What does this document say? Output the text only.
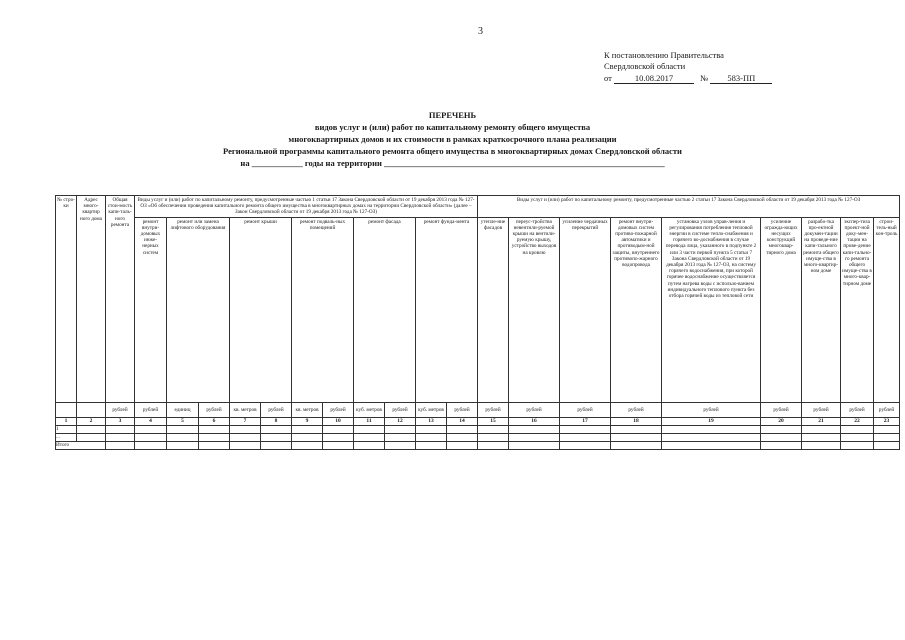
3
К постановлению Правительства
Свердловской области
от	10.08.2017	№ 583-ПП
ПЕРЕЧЕНЬ
видов услуг и (или) работ по капитальному ремонту общего имущества
многоквартирных домов и их стоимости в рамках краткосрочного плана реализации
Региональной программы капитального ремонта общего имущества в многоквартирных домах Свердловской области
на ____________ годы на территории __________________________________________________________________
№ стро-ки	Адрес много-квартир ного дома	Общая стои-мость капи-таль-ного ремонта	Виды услуг и (или) работ по капитальному ремонту, предусмотренные частью 1 статьи 17 Закона Свердловской области от 19 декабря 2013 года № 127-ОЗ «Об обеспечении проведения капитального ремонта общего имущества в многоквартирных домах на территории Свердловской области» (далее – Закон Свердловской области от 19 декабря 2013 года № 127-ОЗ)											Виды услуг и (или) работ по капитальному ремонту, предусмотренные частью 2 статьи 17 Закона Свердловской области от 19 декабря 2013 года № 127-ОЗ								
			ремонт внутри-домовых инже-нерных систем	ремонт или замена лифтового оборудования		ремонт крыши		ремонт подваль-ных помещений		ремонт фасада		ремонт фунда-мента		утепле-ние фасадов	переус-тройство невентили-руемой крыши на вентили-руемую крышу, устройство выходов на кровлю	усиление чердачных перекрытий	ремонт внутри-домовых систем противо-пожарной автоматики и противодым-ной защиты, внутреннего противопо-жарного водопровода	установка узлов управ-ления и регулирования потребления тепловой энергии в системе тепло-снабжения и горячего во-доснабжения в случае перевода лица, указанного в подпункте 2 или 3 части первой пункта 5 статьи 7 Закона Свердловской области от 19 декабря 2013 года № 127-ОЗ, на систему горячего водоснабжения, при которой горячее водоснабжение осуществляется путем нагрева воды с использо-ванием индивидуального теплового пункта без отбора горячей воды из тепловой сети	усиление огражда-ющих несущих конструкций многоквар-тирного дома	разрабо-тка про-ектной докумен-тации на проведе-ние капи-тального ремонта общего имуще-ства в много-квартир-ном доме	экспер-тиза проект-ной доку-мен-тации на прове-дение капи-тально-го ремонта общего имуще-ства в много-квар-тирном доме	строи-тель-ный кон-троль
		рублей	рублей	единиц	рублей	кв. метров	рублей	кв. метров	рублей	куб. метров	рублей	куб. метров	рублей	рублей	рублей	рублей	рублей	рублей	рублей	рублей	рублей	рублей
1	2	3	4	5	6	7	8	9	10	11	12	13	14	15	16	17	18	19	20	21	22	23
1																						
...																						
Итого																						
